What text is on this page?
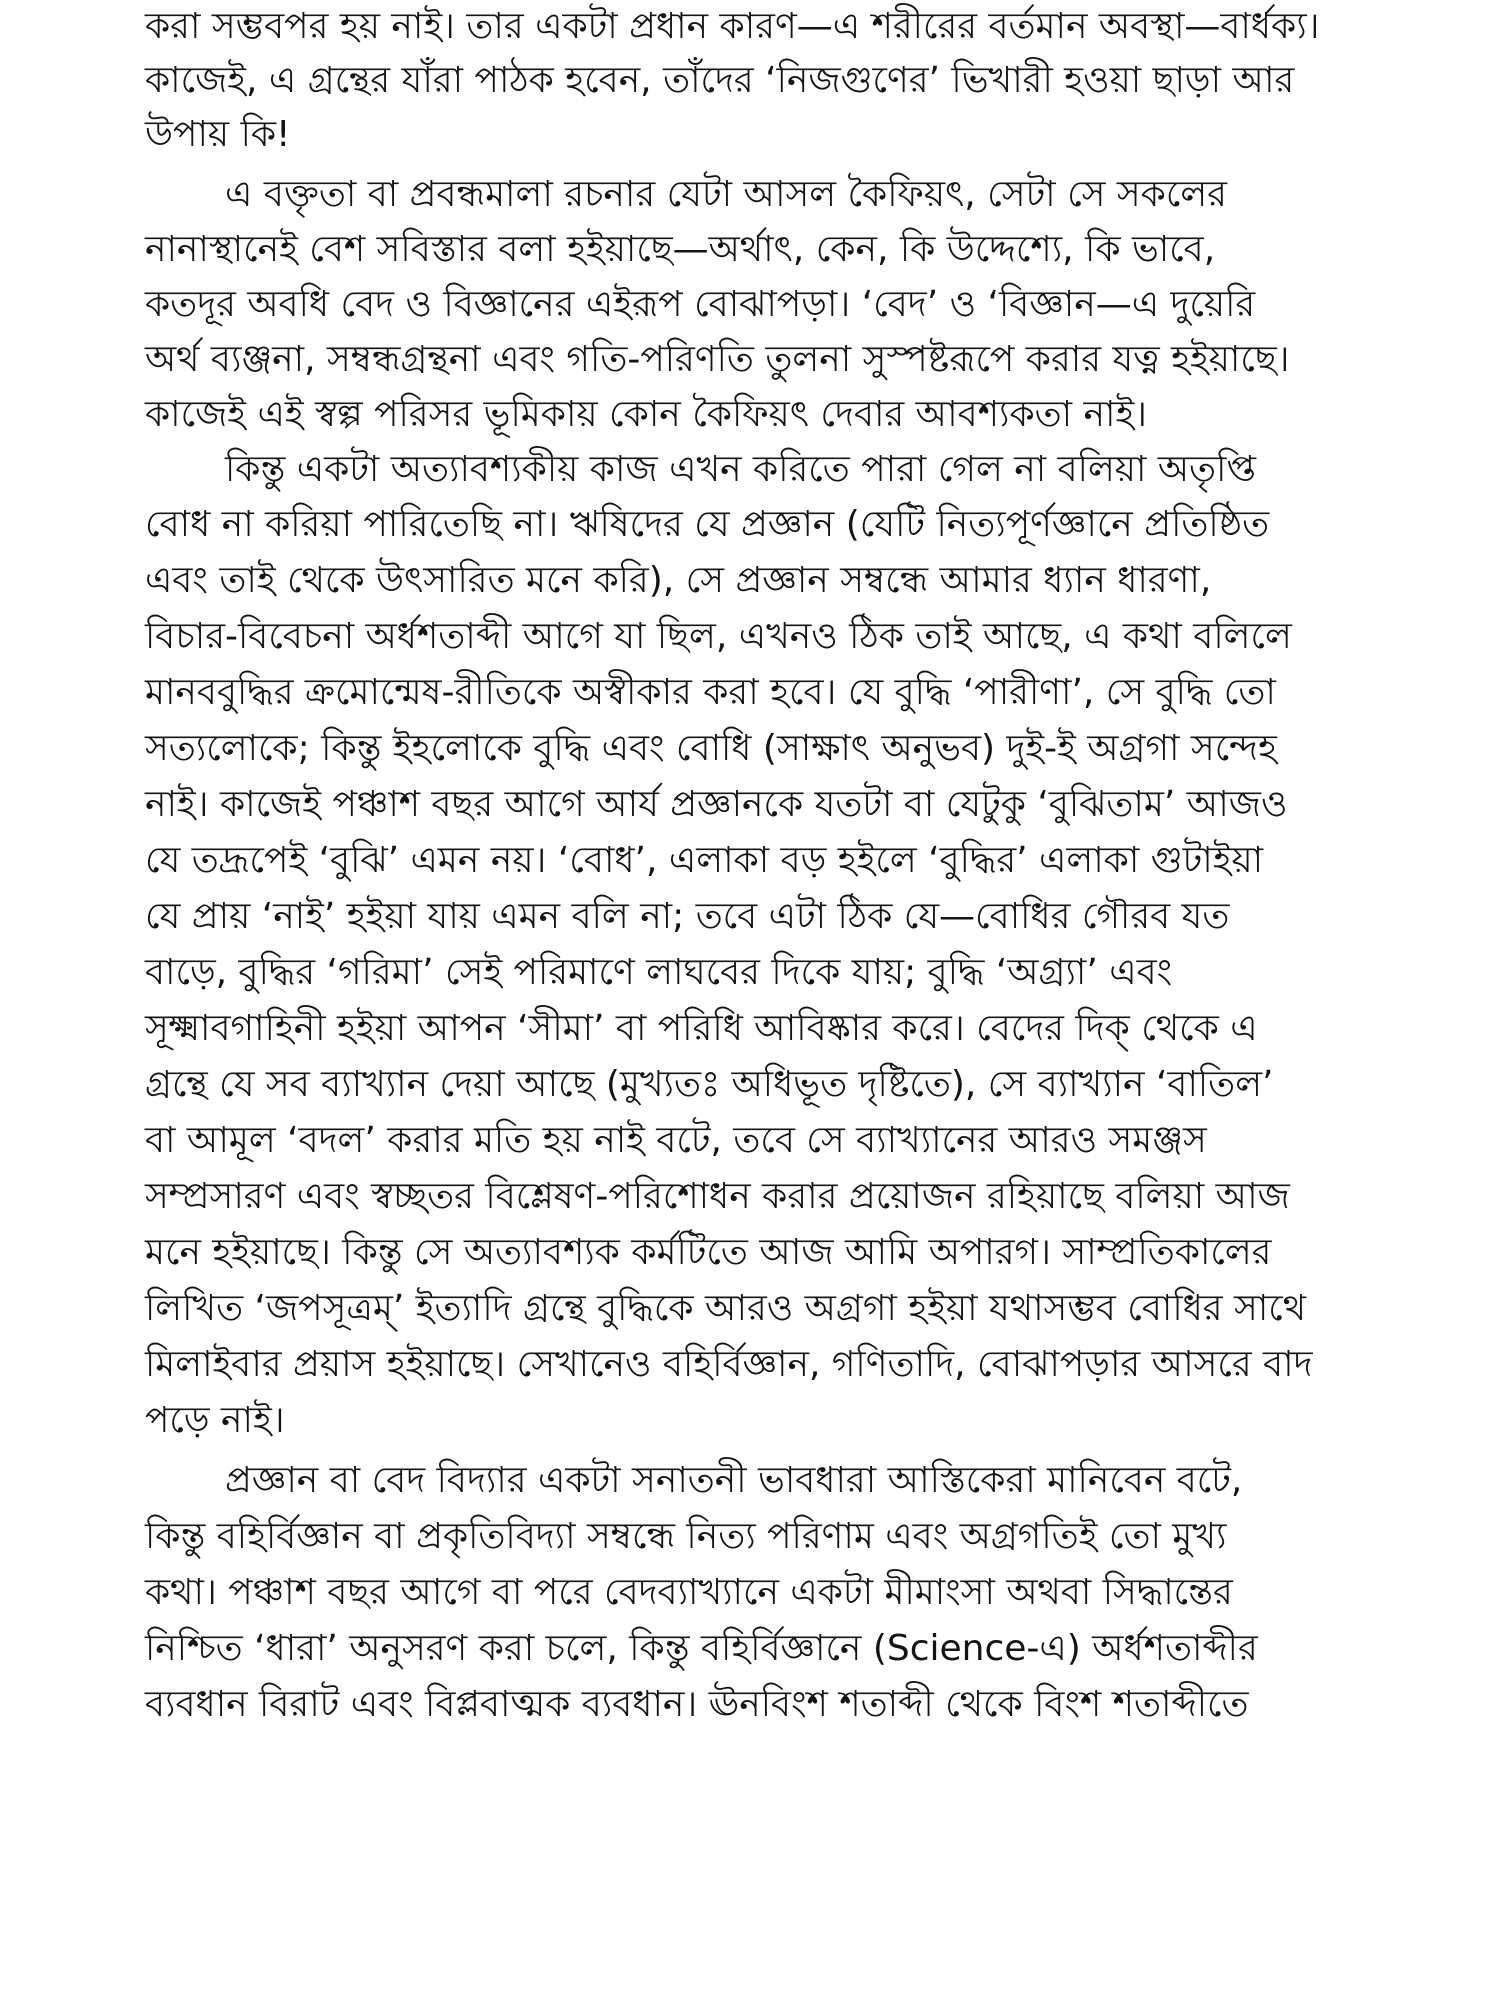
করা সম্ভবপর হয় নাই। তার একটা প্রধান কারণ—এ শরীরের বর্তমান অবস্থা—বার্ধক্য।
কাজেই, এ গ্রন্থের যাঁরা পাঠক হবেন, তাঁদের ‘নিজগুণের’ ভিখারী হওয়া ছাড়া আর
উপায় কি!
এ বক্তৃতা বা প্রবন্ধমালা রচনার যেটা আসল কৈফিয়ৎ, সেটা সে সকলের
নানাস্থানেই বেশ সবিস্তার বলা হইয়াছে—অর্থাৎ, কেন, কি উদ্দেশ্যে, কি ভাবে,
কতদূর অবধি বেদ ও বিজ্ঞানের এইরূপ বোঝাপড়া। ‘বেদ’ ও ‘বিজ্ঞান—এ দুয়েরি
অর্থ ব্যঞ্জনা, সম্বন্ধগ্রন্থনা এবং গতি-পরিণতি তুলনা সুস্পষ্টরূপে করার যত্ন হইয়াছে।
কাজেই এই স্বল্প পরিসর ভূমিকায় কোন কৈফিয়ৎ দেবার আবশ্যকতা নাই।
কিন্তু একটা অত্যাবশ্যকীয় কাজ এখন করিতে পারা গেল না বলিয়া অতৃপ্তি
বোধ না করিয়া পারিতেছি না। ঋষিদের যে প্রজ্ঞান (যেটি নিত্যপূর্ণজ্ঞানে প্রতিষ্ঠিত
এবং তাই থেকে উৎসারিত মনে করি), সে প্রজ্ঞান সম্বন্ধে আমার ধ্যান ধারণা,
বিচার-বিবেচনা অর্ধশতাব্দী আগে যা ছিল, এখনও ঠিক তাই আছে, এ কথা বলিলে
মানববুদ্ধির ক্রমোন্মেষ-রীতিকে অস্বীকার করা হবে। যে বুদ্ধি ‘পারীণা’, সে বুদ্ধি তো
সত্যলোকে; কিন্তু ইহলোকে বুদ্ধি এবং বোধি (সাক্ষাৎ অনুভব) দুই-ই অগ্রগা সন্দেহ
নাই। কাজেই পঞ্চাশ বছর আগে আর্য প্রজ্ঞানকে যতটা বা যেটুকু ‘বুঝিতাম’ আজও
যে তদ্রূপেই ‘বুঝি’ এমন নয়। ‘বোধ’, এলাকা বড় হইলে ‘বুদ্ধির’ এলাকা গুটাইয়া
যে প্রায় ‘নাই’ হইয়া যায় এমন বলি না; তবে এটা ঠিক যে—বোধির গৌরব যত
বাড়ে, বুদ্ধির ‘গরিমা’ সেই পরিমাণে লাঘবের দিকে যায়; বুদ্ধি ‘অগ্র্যা’ এবং
সূক্ষ্মাবগাহিনী হইয়া আপন ‘সীমা’ বা পরিধি আবিষ্কার করে। বেদের দিক্ থেকে এ
গ্রন্থে যে সব ব্যাখ্যান দেয়া আছে (মুখ্যতঃ অধিভূত দৃষ্টিতে), সে ব্যাখ্যান ‘বাতিল’
বা আমূল ‘বদল’ করার মতি হয় নাই বটে, তবে সে ব্যাখ্যানের আরও সমঞ্জস
সম্প্রসারণ এবং স্বচ্ছতর বিশ্লেষণ-পরিশোধন করার প্রয়োজন রহিয়াছে বলিয়া আজ
মনে হইয়াছে। কিন্তু সে অত্যাবশ্যক কর্মটিতে আজ আমি অপারগ। সাম্প্রতিকালের
লিখিত ‘জপসূত্রম্’ ইত্যাদি গ্রন্থে বুদ্ধিকে আরও অগ্রগা হইয়া যথাসম্ভব বোধির সাথে
মিলাইবার প্রয়াস হইয়াছে। সেখানেও বহির্বিজ্ঞান, গণিতাদি, বোঝাপড়ার আসরে বাদ
পড়ে নাই।
প্রজ্ঞান বা বেদ বিদ্যার একটা সনাতনী ভাবধারা আস্তিকেরা মানিবেন বটে,
কিন্তু বহির্বিজ্ঞান বা প্রকৃতিবিদ্যা সম্বন্ধে নিত্য পরিণাম এবং অগ্রগতিই তো মুখ্য
কথা। পঞ্চাশ বছর আগে বা পরে বেদব্যাখ্যানে একটা মীমাংসা অথবা সিদ্ধান্তের
নিশ্চিত ‘ধারা’ অনুসরণ করা চলে, কিন্তু বহির্বিজ্ঞানে (Science-এ) অর্ধশতাব্দীর
ব্যবধান বিরাট এবং বিপ্লবাত্মক ব্যবধান। ঊনবিংশ শতাব্দী থেকে বিংশ শতাব্দীতে
